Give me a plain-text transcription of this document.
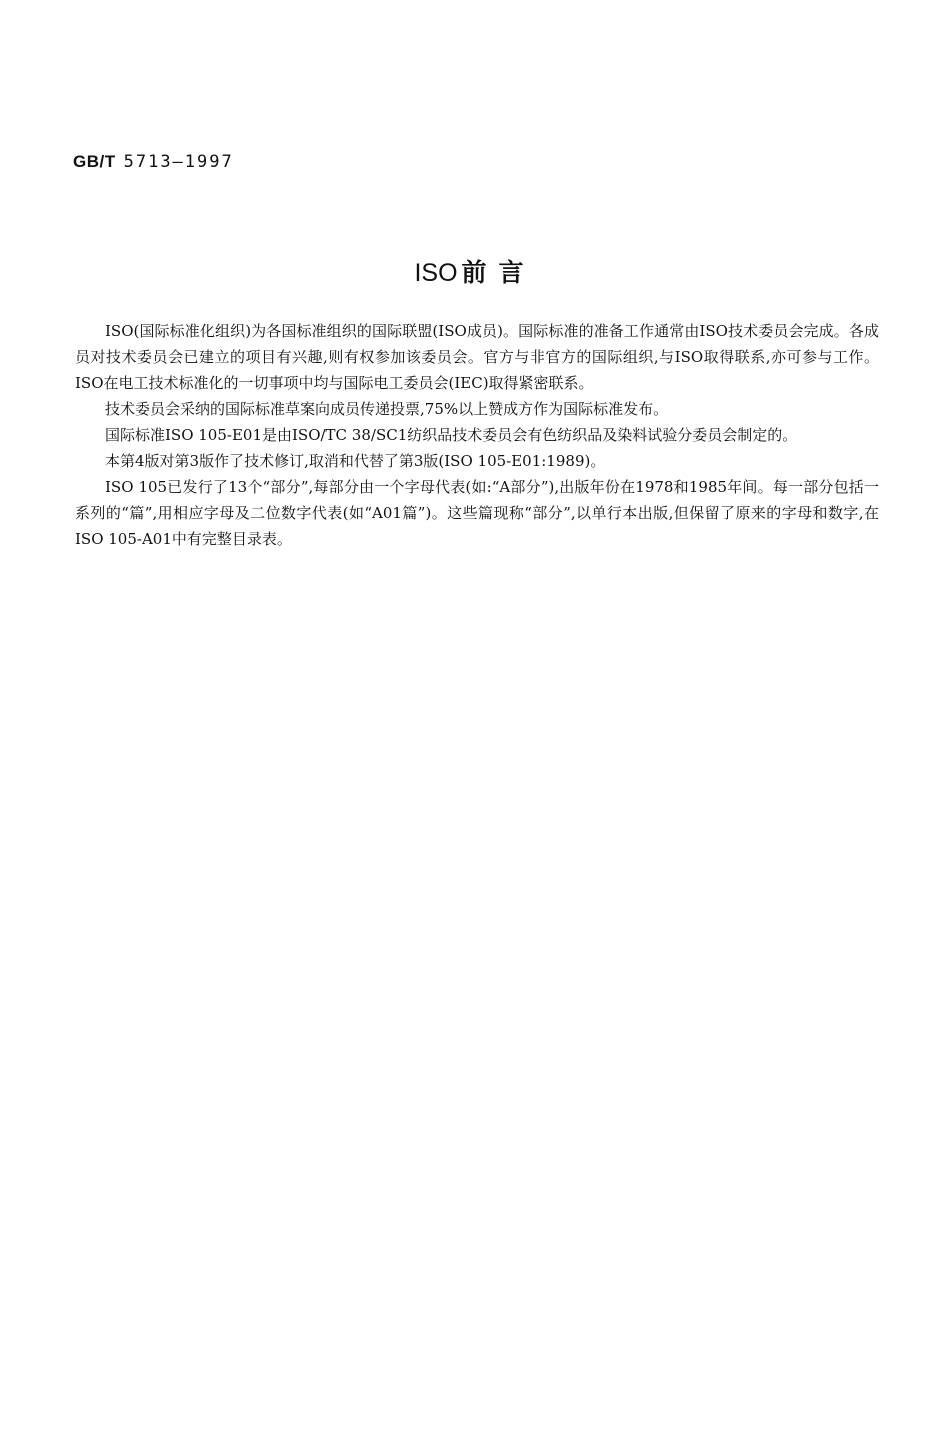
GB/T 5713—1997
ISO 前言

ISO(国际标准化组织)为各国标准组织的国际联盟(ISO成员)。国际标准的准备工作通常由ISO技术委员会完成。各成员对技术委员会已建立的项目有兴趣,则有权参加该委员会。官方与非官方的国际组织,与ISO取得联系,亦可参与工作。ISO在电工技术标准化的一切事项中均与国际电工委员会(IEC)取得紧密联系。

技术委员会采纳的国际标准草案向成员传递投票,75%以上赞成方作为国际标准发布。

国际标准ISO 105-E01是由ISO/TC 38/SC1纺织品技术委员会有色纺织品及染料试验分委员会制定的。

本第4版对第3版作了技术修订,取消和代替了第3版(ISO 105-E01:1989)。

ISO 105已发行了13个“部分”,每部分由一个字母代表(如:“A部分”),出版年份在1978和1985年间。每一部分包括一系列的“篇”,用相应字母及二位数字代表(如“A01篇”)。这些篇现称“部分”,以单行本出版,但保留了原来的字母和数字,在ISO 105-A01中有完整目录表。
